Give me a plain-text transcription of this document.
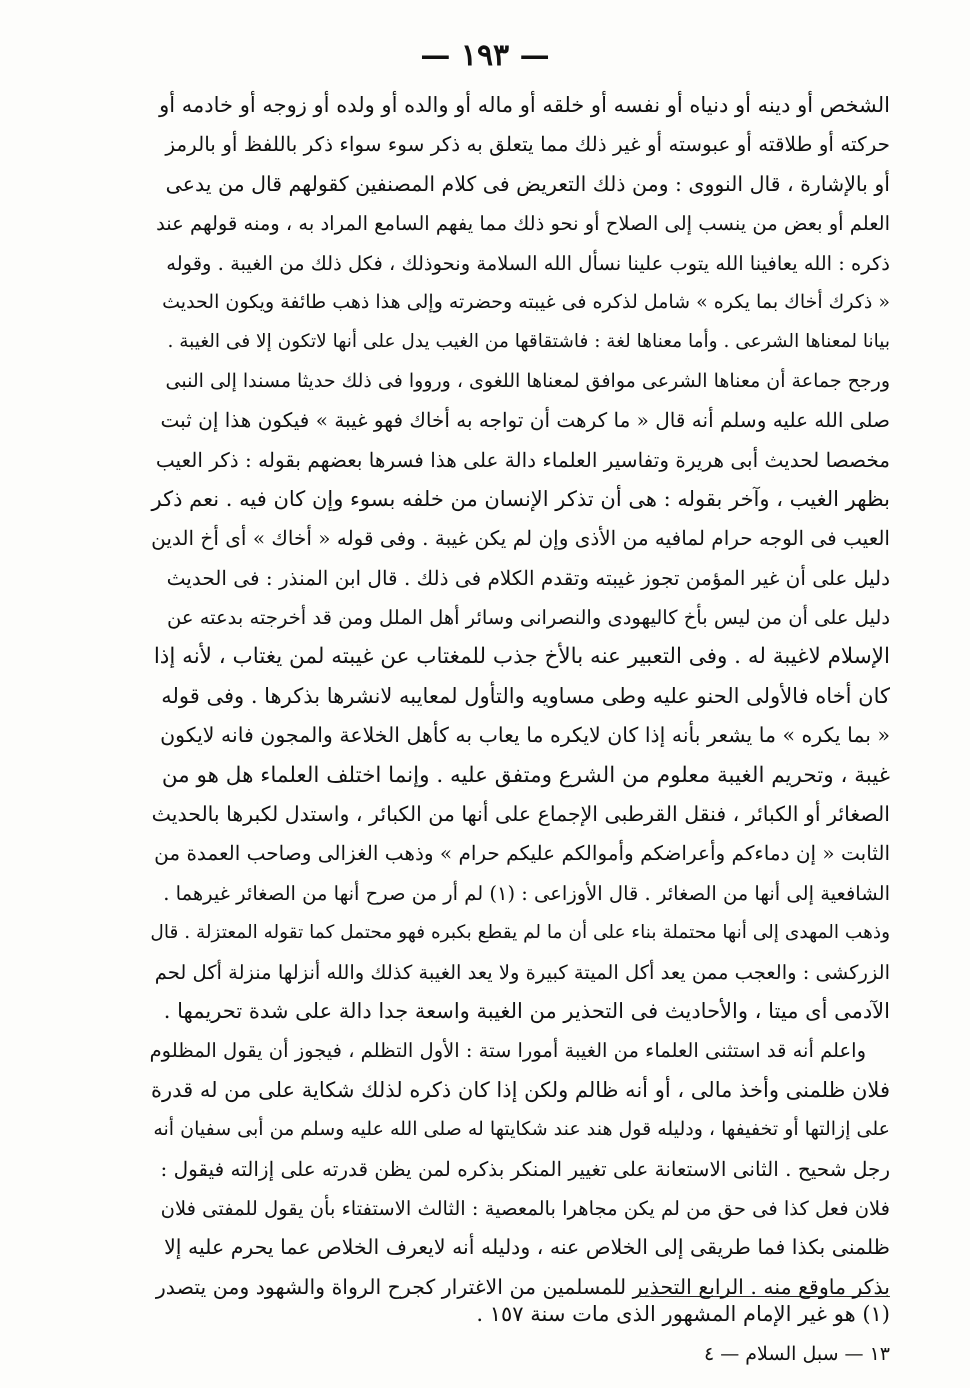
— ١٩٣ —
الشخص أو دينه أو دنياه أو نفسه أو خلقه أو ماله أو والده أو ولده أو زوجه أو خادمه أو
حركته أو طلاقته أو عبوسته أو غير ذلك مما يتعلق به ذكر سوء سواء ذكر باللفظ أو بالرمز
أو بالإشارة ، قال النووى : ومن ذلك التعريض فى كلام المصنفين كقولهم قال من يدعى
العلم أو بعض من ينسب إلى الصلاح أو نحو ذلك مما يفهم السامع المراد به ، ومنه قولهم عند
ذكره : الله يعافينا الله يتوب علينا نسأل الله السلامة ونحوذلك ، فكل ذلك من الغيبة . وقوله
« ذكرك أخاك بما يكره » شامل لذكره فى غيبته وحضرته وإلى هذا ذهب طائفة ويكون الحديث
بيانا لمعناها الشرعى . وأما معناها لغة : فاشتقاقها من الغيب يدل على أنها لاتكون إلا فى الغيبة .
ورجح جماعة أن معناها الشرعى موافق لمعناها اللغوى ، ورووا فى ذلك حديثا مسندا إلى النبى
صلى الله عليه وسلم أنه قال « ما كرهت أن تواجه به أخاك فهو غيبة » فيكون هذا إن ثبت
مخصصا لحديث أبى هريرة وتفاسير العلماء دالة على هذا فسرها بعضهم بقوله : ذكر العيب
بظهر الغيب ، وآخر بقوله : هى أن تذكر الإنسان من خلفه بسوء وإن كان فيه . نعم ذكر
العيب فى الوجه حرام لمافيه من الأذى وإن لم يكن غيبة . وفى قوله « أخاك » أى أخ الدين
دليل على أن غير المؤمن تجوز غيبته وتقدم الكلام فى ذلك . قال ابن المنذر : فى الحديث
دليل على أن من ليس بأخ كاليهودى والنصرانى وسائر أهل الملل ومن قد أخرجته بدعته عن
الإسلام لاغيبة له . وفى التعبير عنه بالأخ جذب للمغتاب عن غيبته لمن يغتاب ، لأنه إذا
كان أخاه فالأولى الحنو عليه وطى مساويه والتأول لمعايبه لانشرها بذكرها . وفى قوله
« بما يكره » ما يشعر بأنه إذا كان لايكره ما يعاب به كأهل الخلاعة والمجون فانه لايكون
غيبة ، وتحريم الغيبة معلوم من الشرع ومتفق عليه . وإنما اختلف العلماء هل هو من
الصغائر أو الكبائر ، فنقل القرطبى الإجماع على أنها من الكبائر ، واستدل لكبرها بالحديث
الثابت « إن دماءكم وأعراضكم وأموالكم عليكم حرام » وذهب الغزالى وصاحب العمدة من
الشافعية إلى أنها من الصغائر . قال الأوزاعى : (١) لم أر من صرح أنها من الصغائر غيرهما .
وذهب المهدى إلى أنها محتملة بناء على أن ما لم يقطع بكبره فهو محتمل كما تقوله المعتزلة . قال
الزركشى : والعجب ممن يعد أكل الميتة كبيرة ولا يعد الغيبة كذلك والله أنزلها منزلة أكل لحم
الآدمى أى ميتا ، والأحاديث فى التحذير من الغيبة واسعة جدا دالة على شدة تحريمها .
واعلم أنه قد استثنى العلماء من الغيبة أمورا ستة : الأول التظلم ، فيجوز أن يقول المظلوم
فلان ظلمنى وأخذ مالى ، أو أنه ظالم ولكن إذا كان ذكره لذلك شكاية على من له قدرة
على إزالتها أو تخفيفها ، ودليله قول هند عند شكايتها له صلى الله عليه وسلم من أبى سفيان أنه
رجل شحيح . الثانى الاستعانة على تغيير المنكر بذكره لمن يظن قدرته على إزالته فيقول :
فلان فعل كذا فى حق من لم يكن مجاهرا بالمعصية : الثالث الاستفتاء بأن يقول للمفتى فلان
ظلمنى بكذا فما طريقى إلى الخلاص عنه ، ودليله أنه لايعرف الخلاص عما يحرم عليه إلا
بذكر ماوقع منه . الرابع التحذير للمسلمين من الاغترار كجرح الرواة والشهود ومن يتصدر
(١) هو غير الإمام المشهور الذى مات سنة ١٥٧ .
١٣ — سبل السلام — ٤
